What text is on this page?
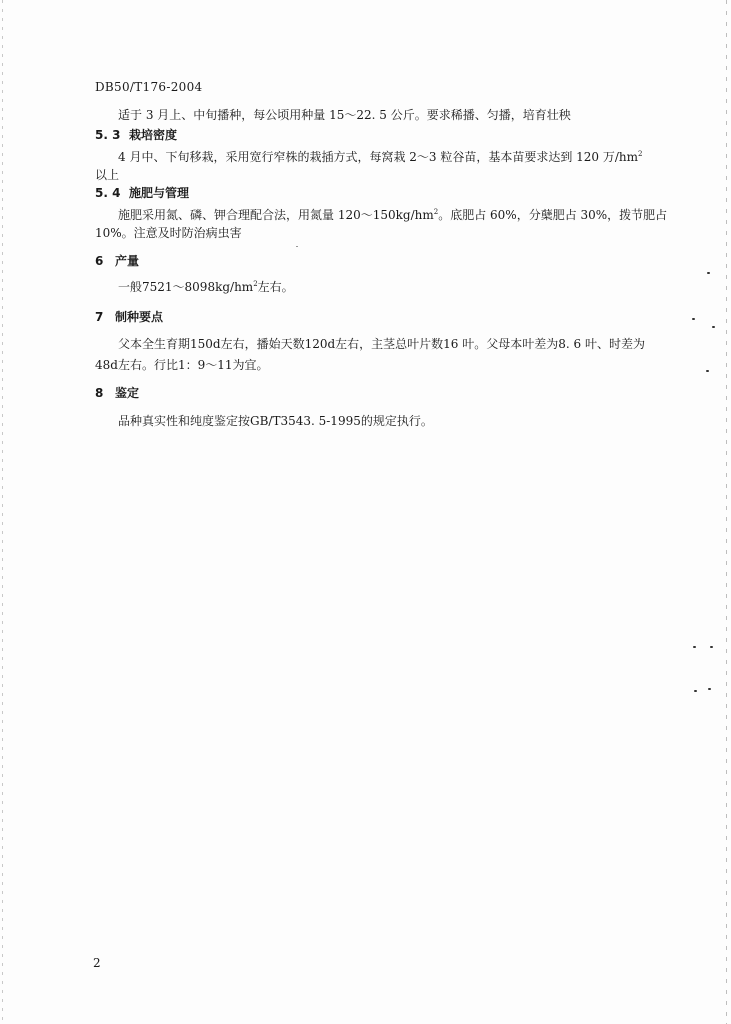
DB50/T176-2004
适于 3 月上、中旬播种，每公顷用种量 15～22. 5 公斤。要求稀播、匀播，培育壮秧
5. 3 栽培密度
4 月中、下旬移栽，采用宽行窄株的栽插方式，每窝栽 2～3 粒谷苗，基本苗要求达到 120 万$/hm^2$
以上
5. 4 施肥与管理
施肥采用氮、磷、钾合理配合法，用氮量 $120\sim 150kg/hm^2$。底肥占 60%，分蘖肥占 30%，拨节肥占
10%。注意及时防治病虫害
6 产量
一般$7521\sim 8098kg/hm^2$左右。
7 制种要点
父本全生育期150d左右，播始天数120d左右，主茎总叶片数16 叶。父母本叶差为8. 6 叶、时差为
48d左右。行比1：9～11为宜。
8 鉴定
品种真实性和纯度鉴定按GB/T3543. 5-1995的规定执行。
2
